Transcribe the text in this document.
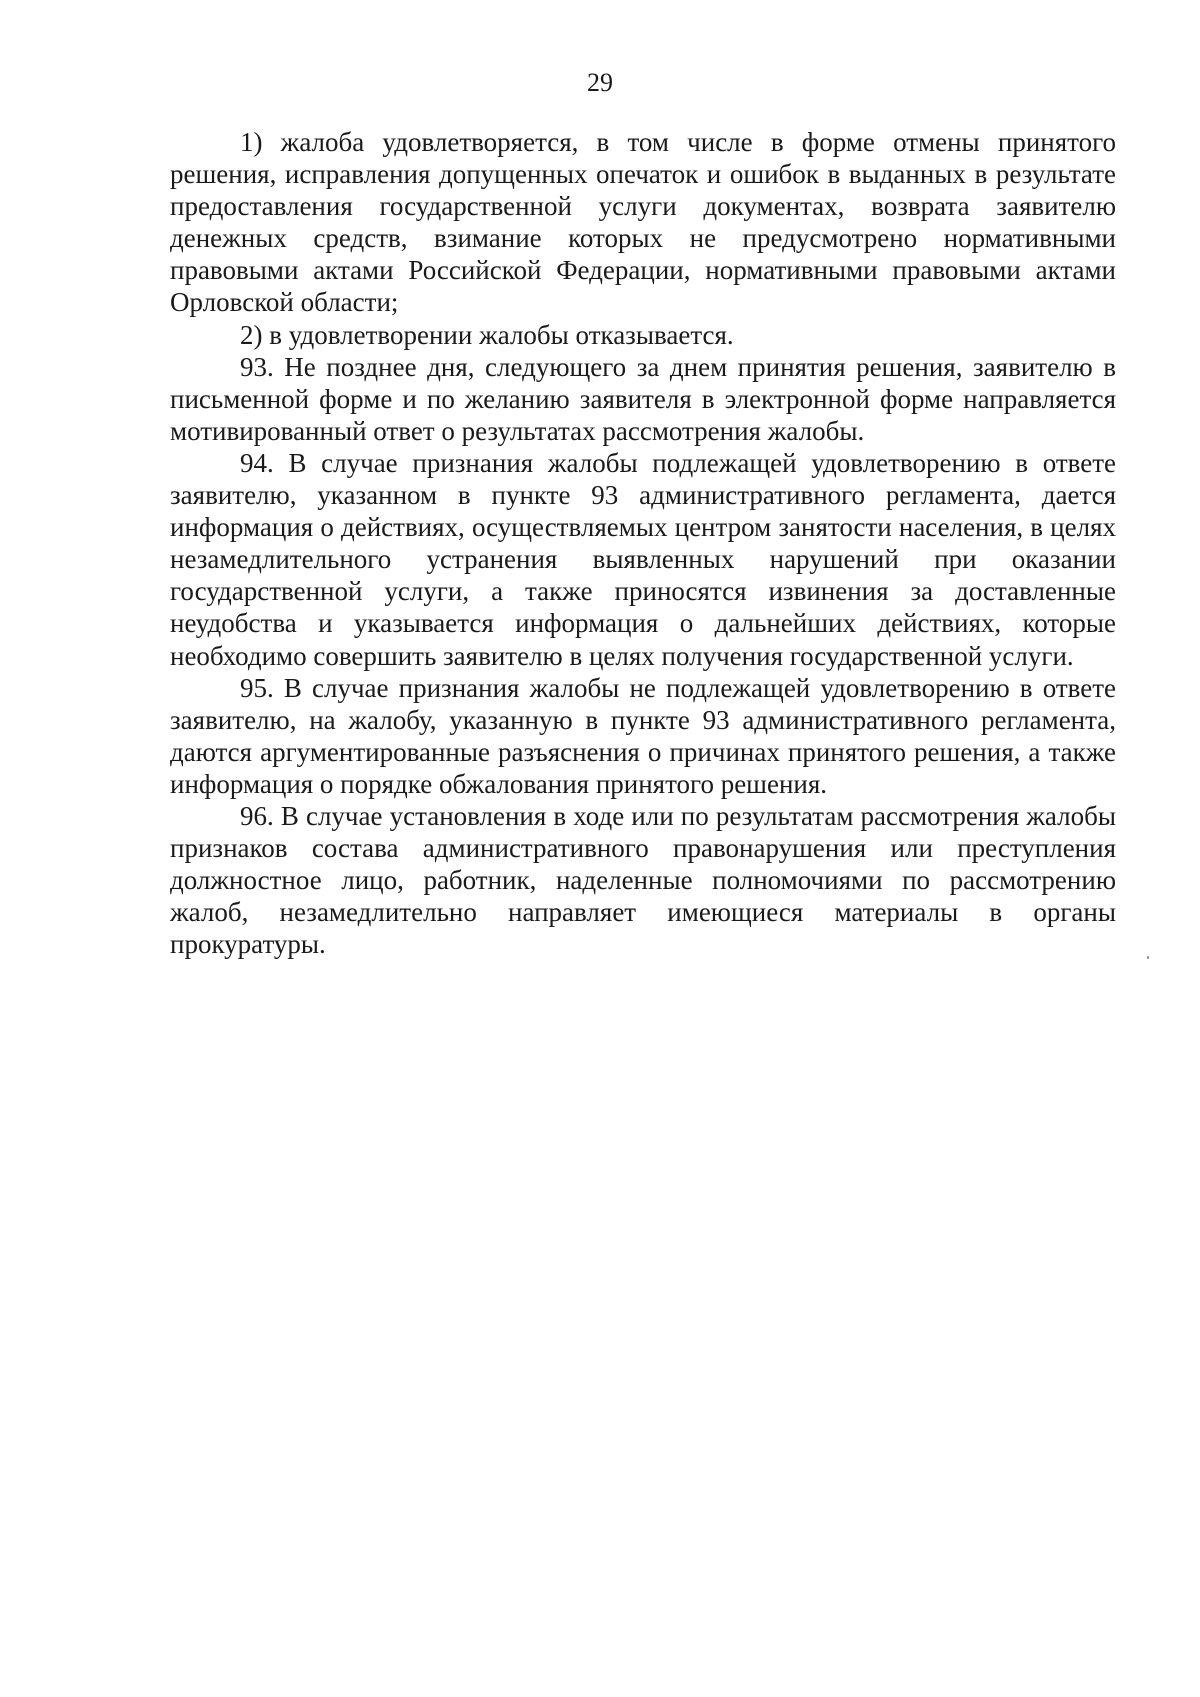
29

1) жалоба удовлетворяется, в том числе в форме отмены принятого решения, исправления допущенных опечаток и ошибок в выданных в результате предоставления государственной услуги документах, возврата заявителю денежных средств, взимание которых не предусмотрено нормативными правовыми актами Российской Федерации, нормативными правовыми актами Орловской области;

2) в удовлетворении жалобы отказывается.

93. Не позднее дня, следующего за днем принятия решения, заявителю в письменной форме и по желанию заявителя в электронной форме направляется мотивированный ответ о результатах рассмотрения жалобы.

94. В случае признания жалобы подлежащей удовлетворению в ответе заявителю, указанном в пункте 93 административного регламента, дается информация о действиях, осуществляемых центром занятости населения, в целях незамедлительного устранения выявленных нарушений при оказании государственной услуги, а также приносятся извинения за доставленные неудобства и указывается информация о дальнейших действиях, которые необходимо совершить заявителю в целях получения государственной услуги.

95. В случае признания жалобы не подлежащей удовлетворению в ответе заявителю, на жалобу, указанную в пункте 93 административного регламента, даются аргументированные разъяснения о причинах принятого решения, а также информация о порядке обжалования принятого решения.

96. В случае установления в ходе или по результатам рассмотрения жалобы признаков состава административного правонарушения или преступления должностное лицо, работник, наделенные полномочиями по рассмотрению жалоб, незамедлительно направляет имеющиеся материалы в органы прокуратуры.
